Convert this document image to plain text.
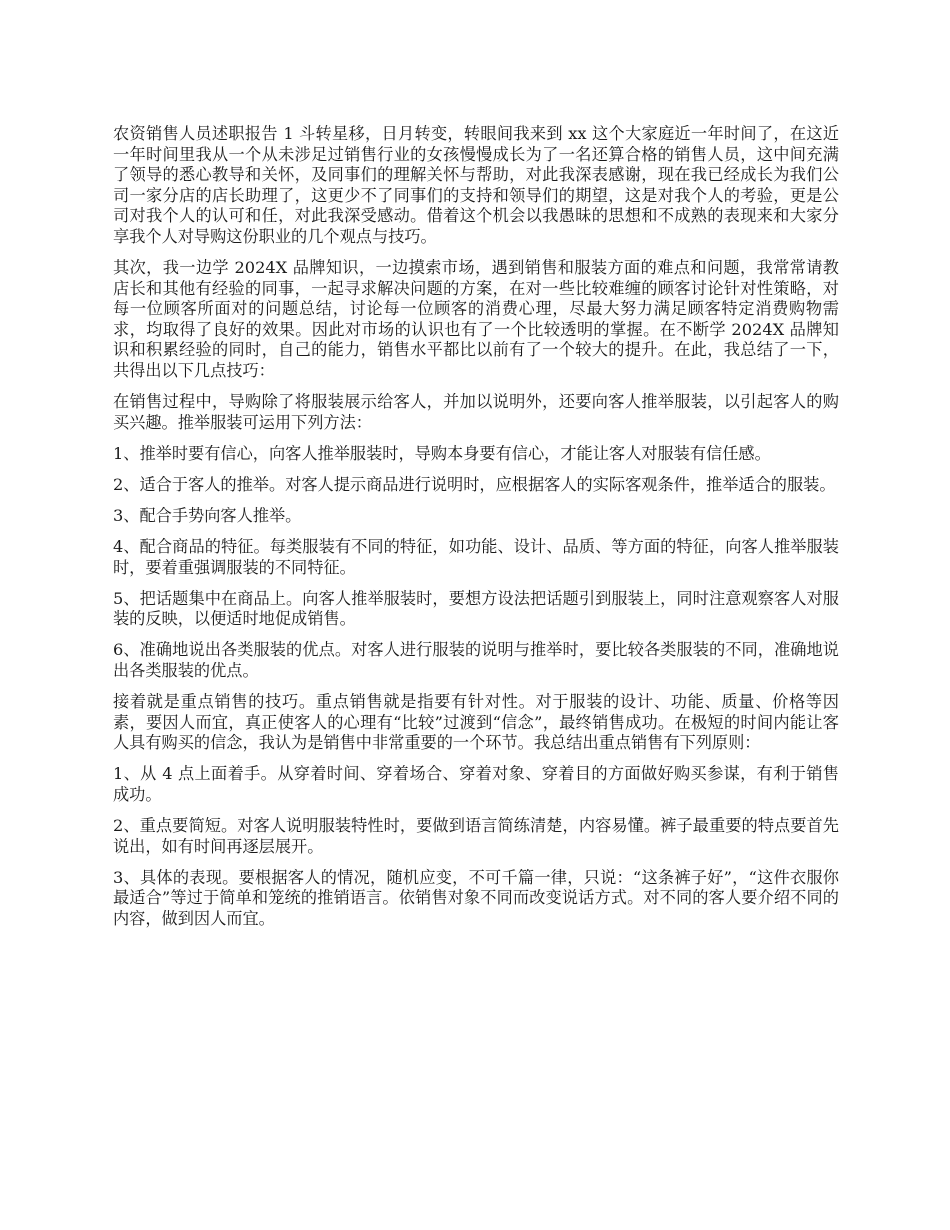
农资销售人员述职报告 1 斗转星移，日月转变，转眼间我来到 xx 这个大家庭近一年时间了，在这近一年时间里我从一个从未涉足过销售行业的女孩慢慢成长为了一名还算合格的销售人员，这中间充满了领导的悉心教导和关怀，及同事们的理解关怀与帮助，对此我深表感谢，现在我已经成长为我们公司一家分店的店长助理了，这更少不了同事们的支持和领导们的期望，这是对我个人的考验，更是公司对我个人的认可和任，对此我深受感动。借着这个机会以我愚昧的思想和不成熟的表现来和大家分享我个人对导购这份职业的几个观点与技巧。

其次，我一边学 2024X 品牌知识，一边摸索市场，遇到销售和服装方面的难点和问题，我常常请教店长和其他有经验的同事，一起寻求解决问题的方案，在对一些比较难缠的顾客讨论针对性策略，对每一位顾客所面对的问题总结，讨论每一位顾客的消费心理，尽最大努力满足顾客特定消费购物需求，均取得了良好的效果。因此对市场的认识也有了一个比较透明的掌握。在不断学 2024X 品牌知识和积累经验的同时，自己的能力，销售水平都比以前有了一个较大的提升。在此，我总结了一下，共得出以下几点技巧：

在销售过程中，导购除了将服装展示给客人，并加以说明外，还要向客人推举服装，以引起客人的购买兴趣。推举服装可运用下列方法：

1、推举时要有信心，向客人推举服装时，导购本身要有信心，才能让客人对服装有信任感。

2、适合于客人的推举。对客人提示商品进行说明时，应根据客人的实际客观条件，推举适合的服装。

3、配合手势向客人推举。

4、配合商品的特征。每类服装有不同的特征，如功能、设计、品质、等方面的特征，向客人推举服装时，要着重强调服装的不同特征。

5、把话题集中在商品上。向客人推举服装时，要想方设法把话题引到服装上，同时注意观察客人对服装的反映，以便适时地促成销售。

6、准确地说出各类服装的优点。对客人进行服装的说明与推举时，要比较各类服装的不同，准确地说出各类服装的优点。

接着就是重点销售的技巧。重点销售就是指要有针对性。对于服装的设计、功能、质量、价格等因素，要因人而宜，真正使客人的心理有“比较”过渡到“信念”，最终销售成功。在极短的时间内能让客人具有购买的信念，我认为是销售中非常重要的一个环节。我总结出重点销售有下列原则：

1、从 4 点上面着手。从穿着时间、穿着场合、穿着对象、穿着目的方面做好购买参谋，有利于销售成功。

2、重点要简短。对客人说明服装特性时，要做到语言简练清楚，内容易懂。裤子最重要的特点要首先说出，如有时间再逐层展开。

3、具体的表现。要根据客人的情况，随机应变，不可千篇一律，只说：“这条裤子好”，“这件衣服你最适合”等过于简单和笼统的推销语言。依销售对象不同而改变说话方式。对不同的客人要介绍不同的内容，做到因人而宜。
